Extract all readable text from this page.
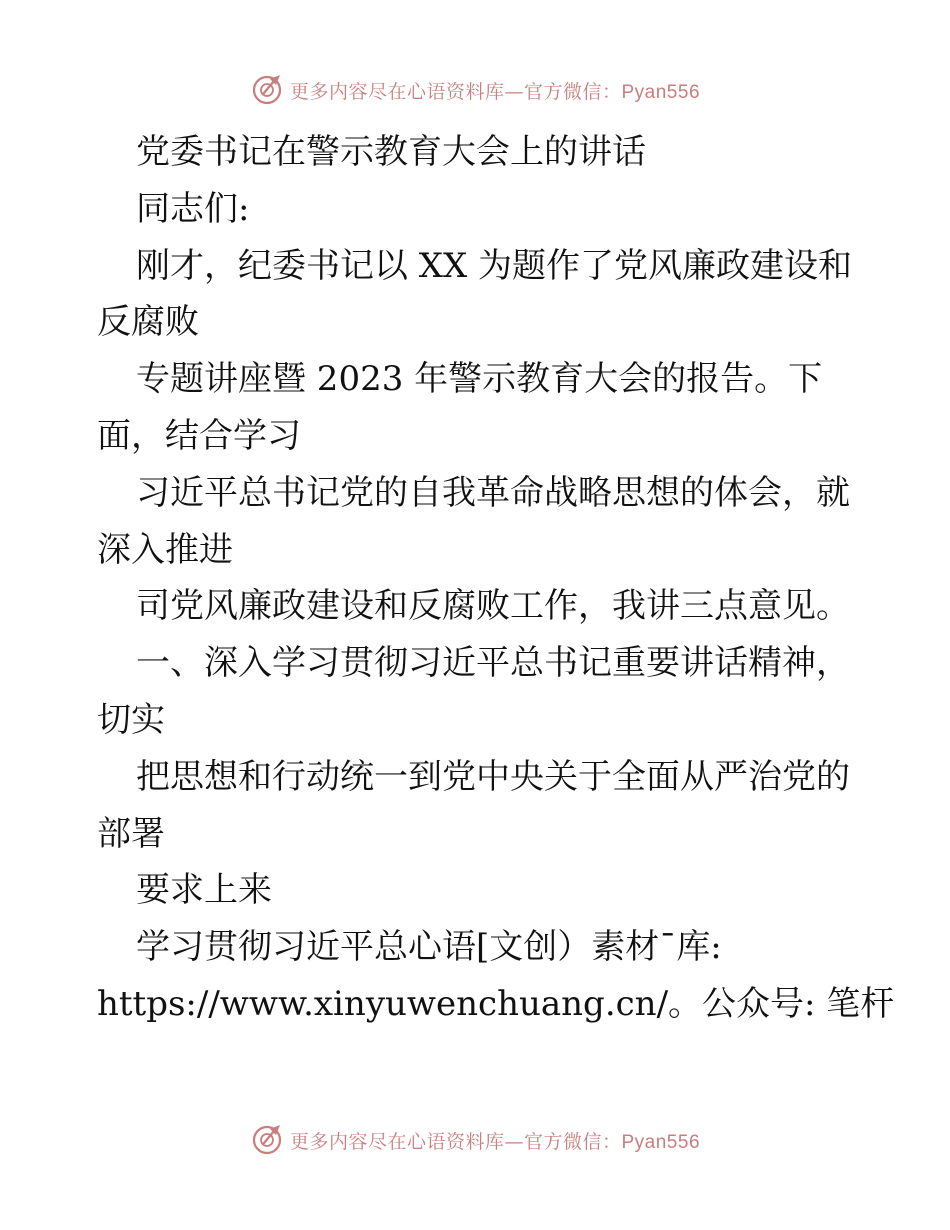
更多内容尽在心语资料库—官方微信：Pyan556
党委书记在警示教育大会上的讲话
同志们:
刚才，纪委书记以 XX 为题作了党风廉政建设和
反腐败
专题讲座暨 2023 年警示教育大会的报告。下
面，结合学习
习近平总书记党的自我革命战略思想的体会，就
深入推进
司党风廉政建设和反腐败工作，我讲三点意见。
一、深入学习贯彻习近平总书记重要讲话精神，
切实
把思想和行动统一到党中央关于全面从严治党的
部署
要求上来
学习贯彻习近平总心语[文创）素材¯库:
https://www.xinyuwenchuang.cn/。公众号: 笔杆
更多内容尽在心语资料库—官方微信：Pyan556
